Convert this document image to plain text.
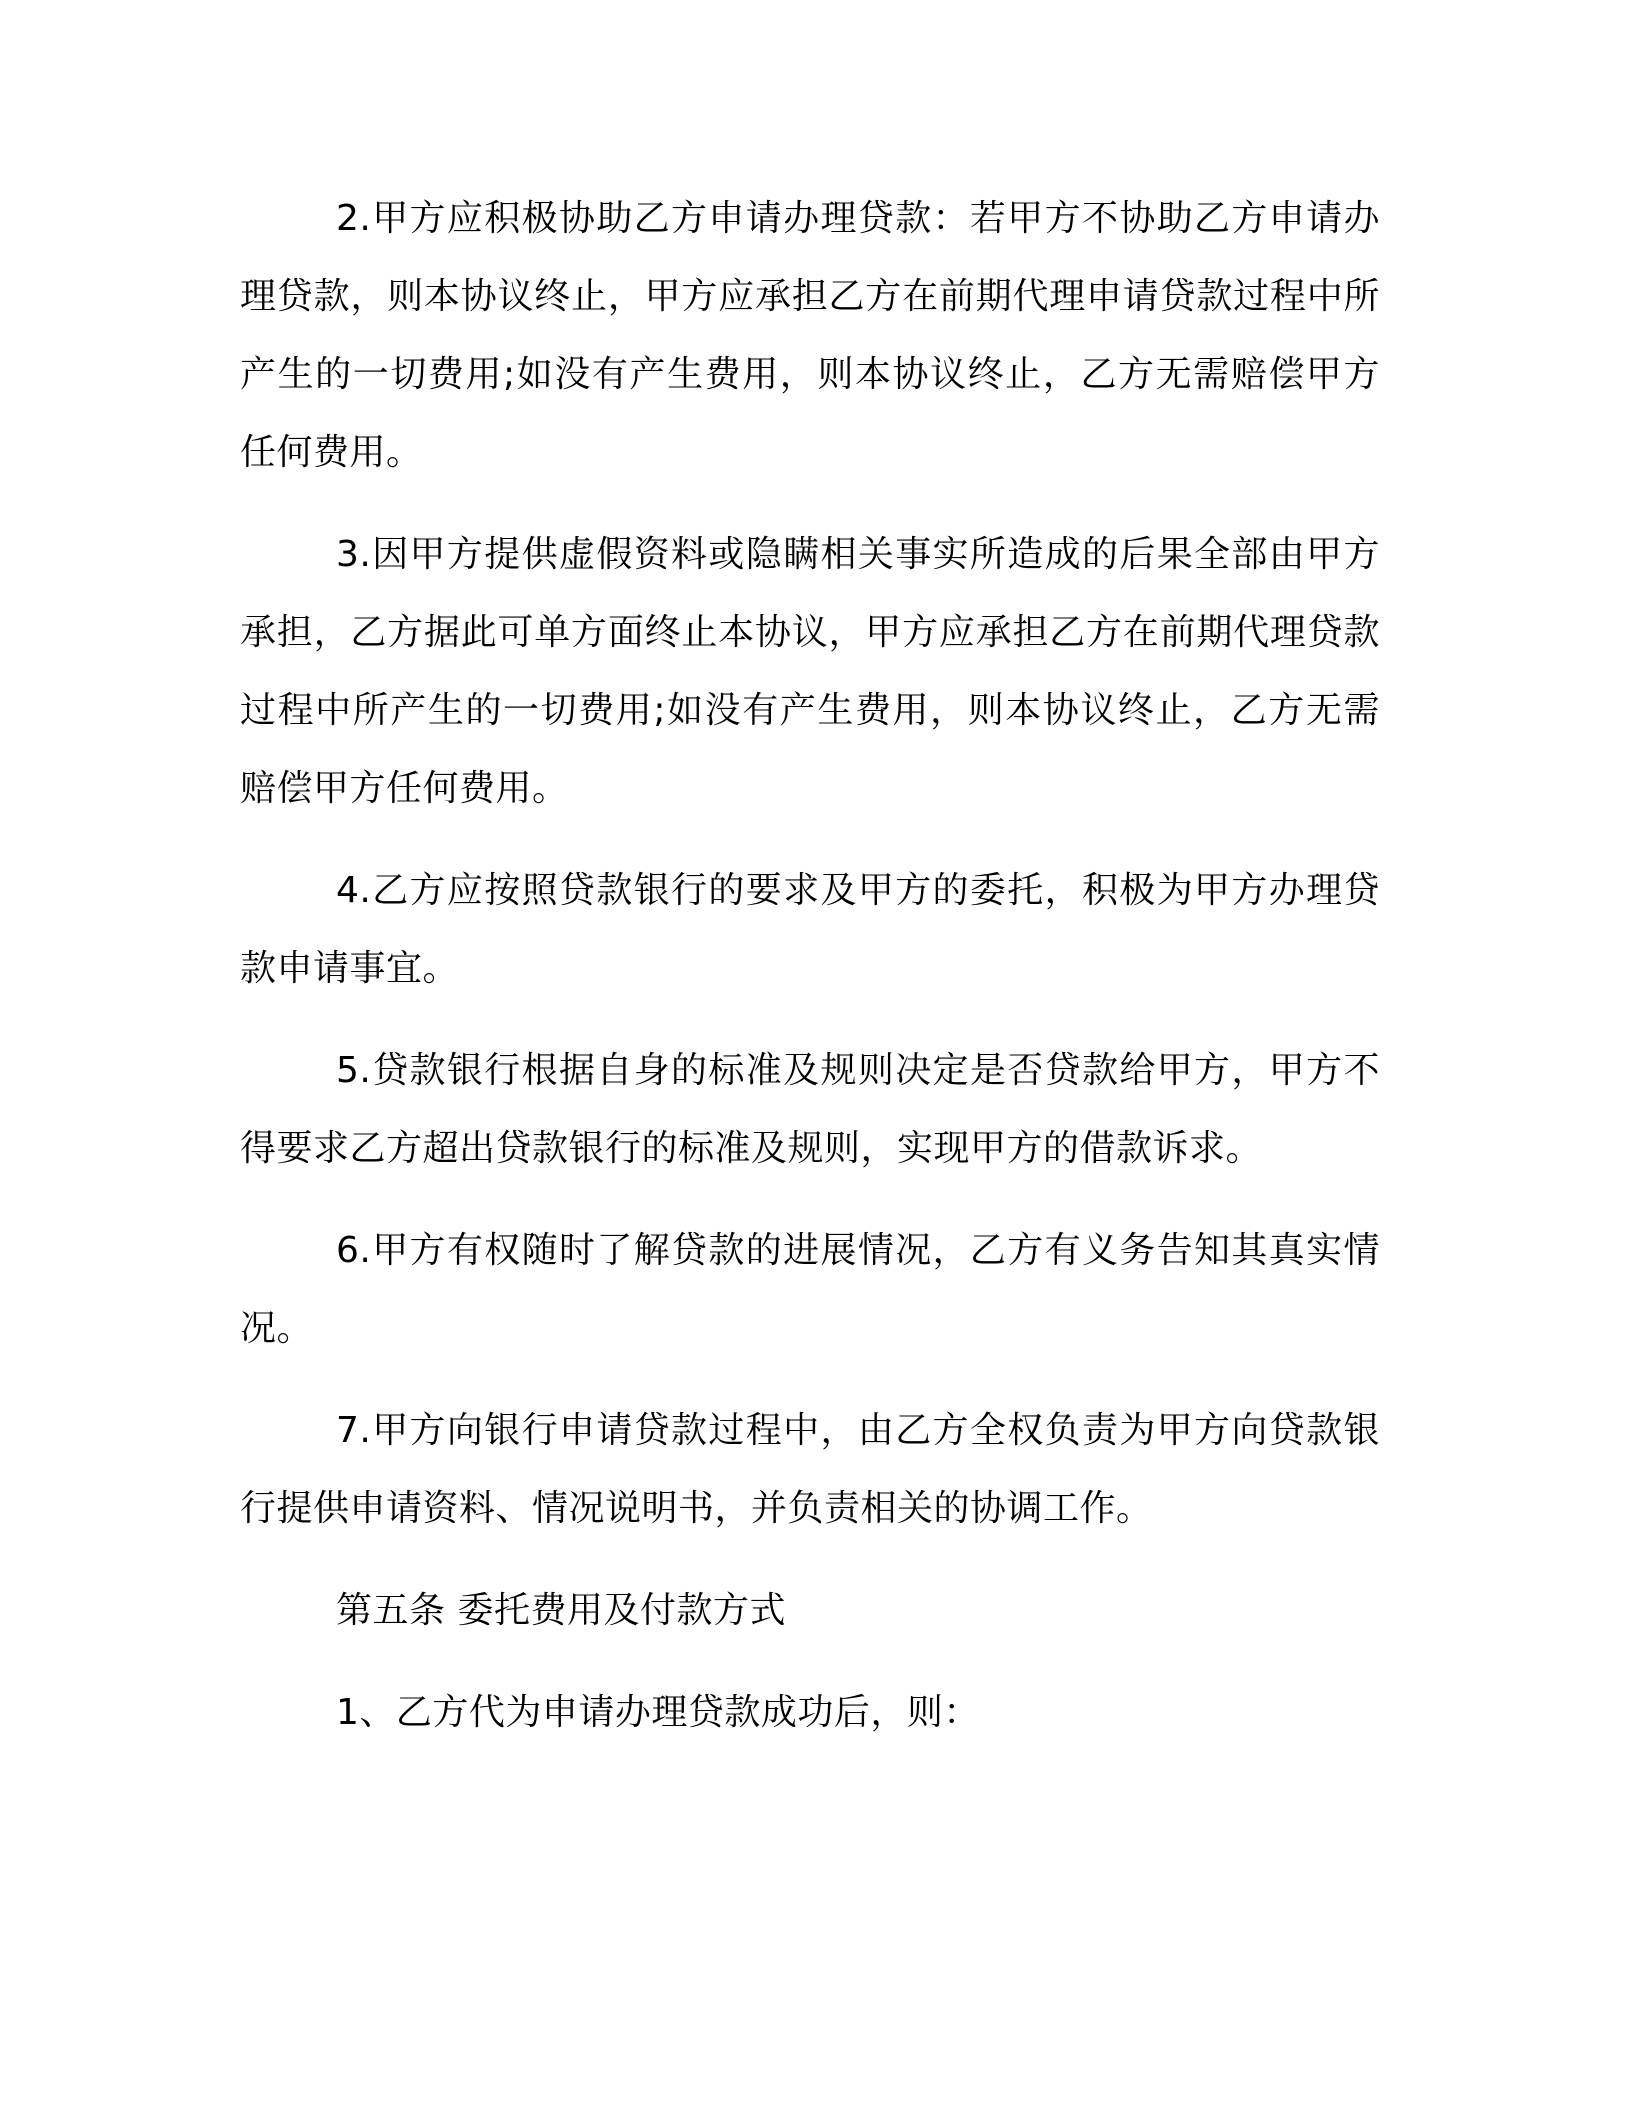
2.甲方应积极协助乙方申请办理贷款：若甲方不协助乙方申请办理贷款，则本协议终止，甲方应承担乙方在前期代理申请贷款过程中所产生的一切费用;如没有产生费用，则本协议终止，乙方无需赔偿甲方任何费用。

3.因甲方提供虚假资料或隐瞒相关事实所造成的后果全部由甲方承担，乙方据此可单方面终止本协议，甲方应承担乙方在前期代理贷款过程中所产生的一切费用;如没有产生费用，则本协议终止，乙方无需赔偿甲方任何费用。

4.乙方应按照贷款银行的要求及甲方的委托，积极为甲方办理贷款申请事宜。

5.贷款银行根据自身的标准及规则决定是否贷款给甲方，甲方不得要求乙方超出贷款银行的标准及规则，实现甲方的借款诉求。

6.甲方有权随时了解贷款的进展情况，乙方有义务告知其真实情况。

7.甲方向银行申请贷款过程中，由乙方全权负责为甲方向贷款银行提供申请资料、情况说明书，并负责相关的协调工作。

第五条 委托费用及付款方式

1、乙方代为申请办理贷款成功后，则：
